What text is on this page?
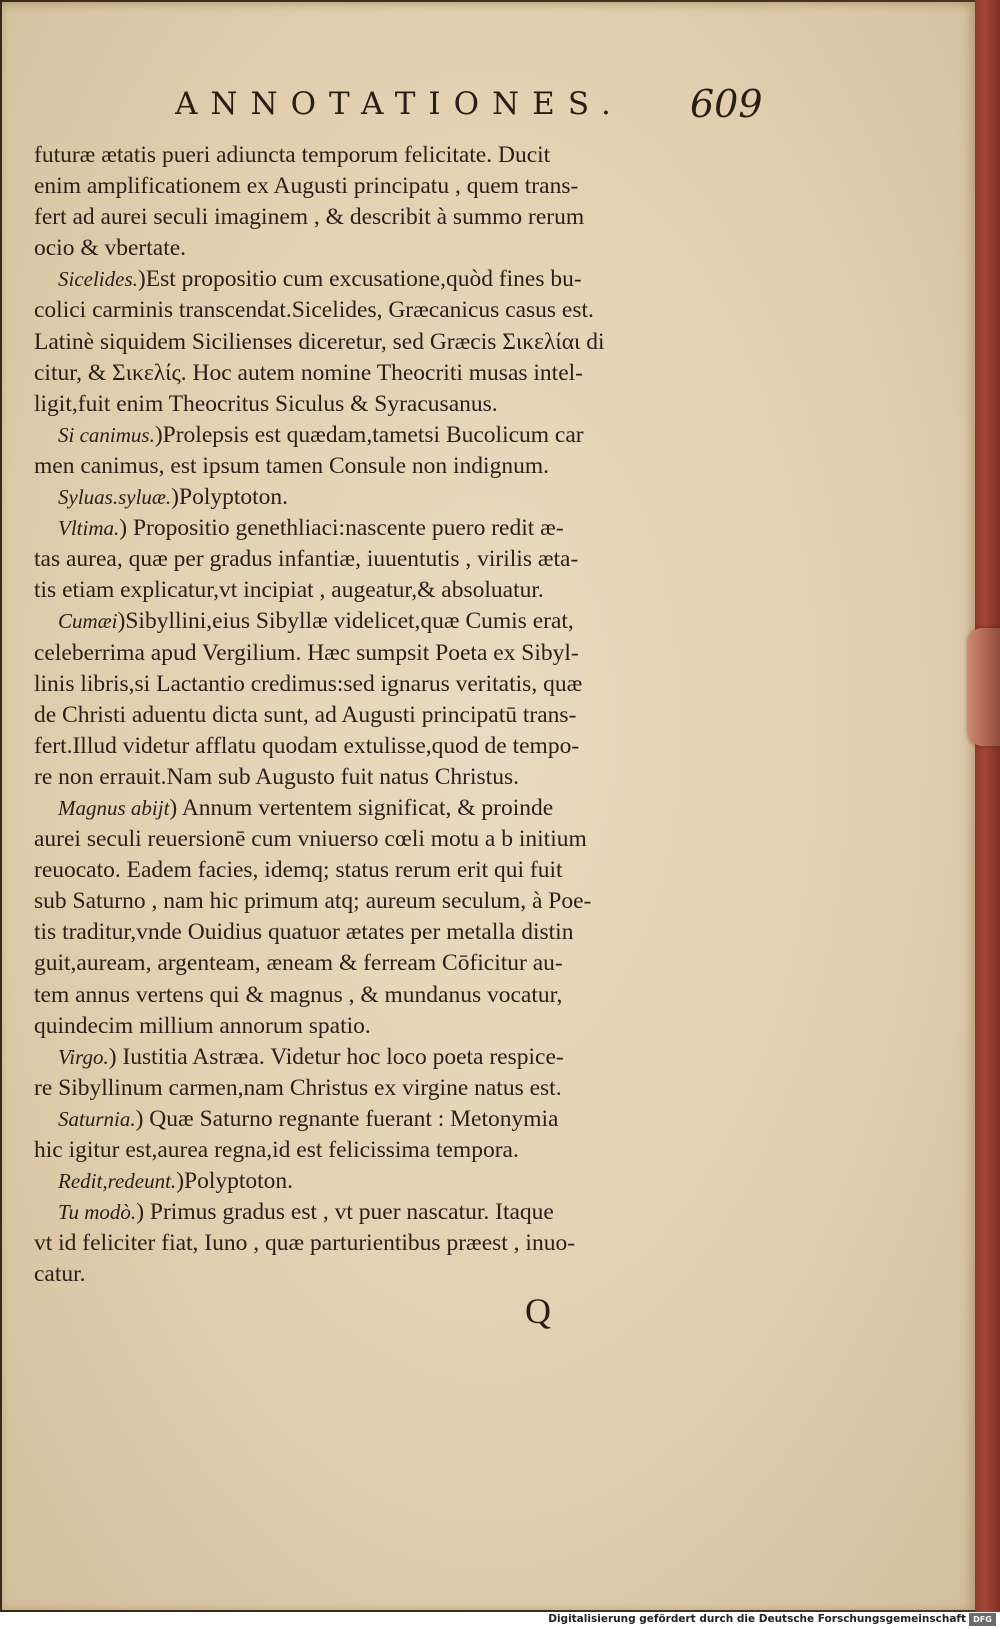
ANNOTATIONES.	609
futuræ ætatis pueri adiuncta temporum felicitate. Ducit
enim amplificationem ex Augusti principatu , quem trans-
fert ad aurei seculi imaginem , & describit à summo rerum
ocio & vbertate.
Sicelides.)Est propositio cum excusatione,quòd fines bu-
colici carminis transcendat.Sicelides, Græcanicus casus est.
Latinè siquidem Sicilienses diceretur, sed Græcis Σικελίαι di
citur, & Σικελίς. Hoc autem nomine Theocriti musas intel-
ligit,fuit enim Theocritus Siculus & Syracusanus.
Si canimus.)Prolepsis est quædam,tametsi Bucolicum car
men canimus, est ipsum tamen Consule non indignum.
Syluas.syluæ.)Polyptoton.
Vltima.) Propositio genethliaci:nascente puero redit æ-
tas aurea, quæ per gradus infantiæ, iuuentutis , virilis æta-
tis etiam explicatur,vt incipiat , augeatur,& absoluatur.
Cumæi)Sibyllini,eius Sibyllæ videlicet,quæ Cumis erat,
celeberrima apud Vergilium. Hæc sumpsit Poeta ex Sibyl-
linis libris,si Lactantio credimus:sed ignarus veritatis, quæ
de Christi aduentu dicta sunt, ad Augusti principatū trans-
fert.Illud videtur afflatu quodam extulisse,quod de tempo-
re non errauit.Nam sub Augusto fuit natus Christus.
Magnus abijt) Annum vertentem significat, & proinde
aurei seculi reuersionē cum vniuerso cœli motu a b initium
reuocato. Eadem facies, idemq; status rerum erit qui fuit
sub Saturno , nam hic primum atq; aureum seculum, à Poe-
tis traditur,vnde Ouidius quatuor ætates per metalla distin
guit,auream, argenteam, æneam & ferream Cōficitur au-
tem annus vertens qui & magnus , & mundanus vocatur,
quindecim millium annorum spatio.
Virgo.) Iustitia Astræa. Videtur hoc loco poeta respice-
re Sibyllinum carmen,nam Christus ex virgine natus est.
Saturnia.) Quæ Saturno regnante fuerant : Metonymia
hic igitur est,aurea regna,id est felicissima tempora.
Redit,redeunt.)Polyptoton.
Tu modò.) Primus gradus est , vt puer nascatur. Itaque
vt id feliciter fiat, Iuno , quæ parturientibus præest , inuo-
catur.
Q
Digitalisierung gefördert durch die Deutsche Forschungsgemeinschaft DFG
